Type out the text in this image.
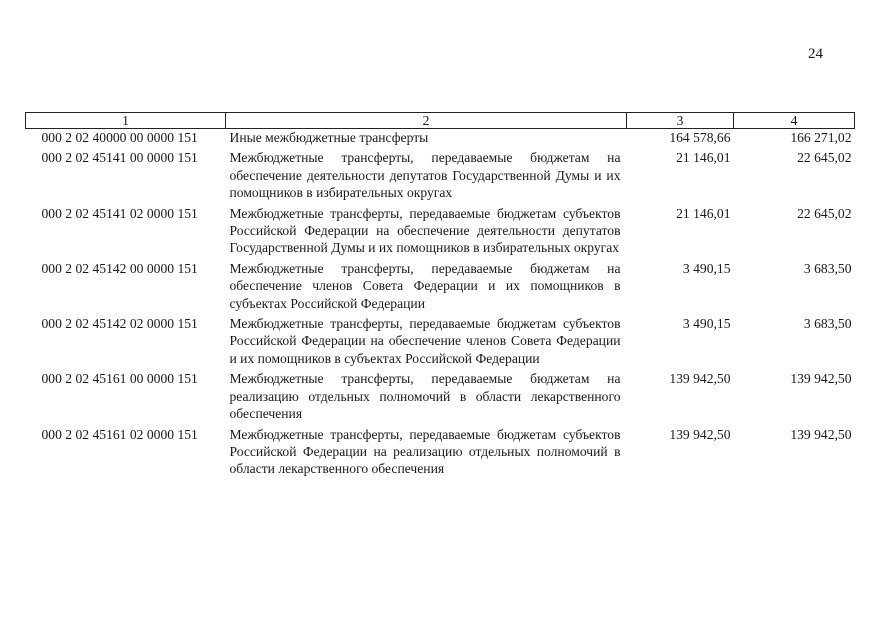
24
1	2	3	4
000 2 02 40000 00 0000 151	Иные межбюджетные трансферты	164 578,66	166 271,02
000 2 02 45141 00 0000 151	Межбюджетные трансферты, передаваемые бюджетам на обеспечение деятельности депутатов Государственной Думы и их помощников в избирательных округах	21 146,01	22 645,02
000 2 02 45141 02 0000 151	Межбюджетные трансферты, передаваемые бюджетам субъектов Российской Федерации на обеспечение деятельности депутатов Государственной Думы и их помощников в избирательных округах	21 146,01	22 645,02
000 2 02 45142 00 0000 151	Межбюджетные трансферты, передаваемые бюджетам на обеспечение членов Совета Федерации и их помощников в субъектах Российской Федерации	3 490,15	3 683,50
000 2 02 45142 02 0000 151	Межбюджетные трансферты, передаваемые бюджетам субъектов Российской Федерации на обеспечение членов Совета Федерации и их помощников в субъектах Российской Федерации	3 490,15	3 683,50
000 2 02 45161 00 0000 151	Межбюджетные трансферты, передаваемые бюджетам на реализацию отдельных полномочий в области лекарственного обеспечения	139 942,50	139 942,50
000 2 02 45161 02 0000 151	Межбюджетные трансферты, передаваемые бюджетам субъектов Российской Федерации на реализацию отдельных полномочий в области лекарственного обеспечения	139 942,50	139 942,50
